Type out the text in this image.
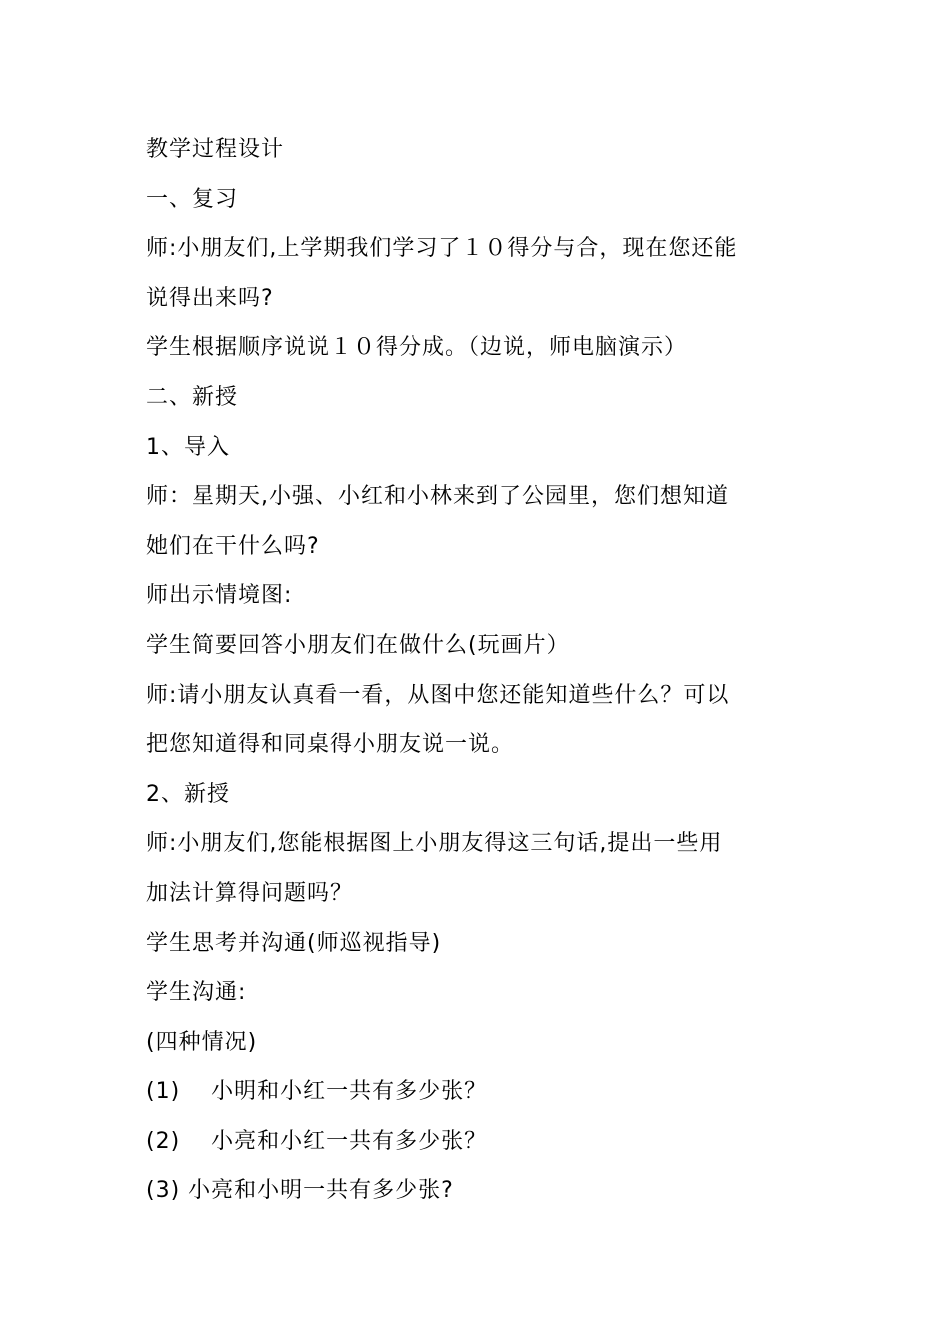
教学过程设计
一、复习
师:小朋友们,上学期我们学习了１０得分与合，现在您还能
说得出来吗?
学生根据顺序说说１０得分成。（边说，师电脑演示）
二、新授
1、导入
师：星期天,小强、小红和小林来到了公园里，您们想知道
她们在干什么吗?
师出示情境图:
学生简要回答小朋友们在做什么(玩画片）
师:请小朋友认真看一看，从图中您还能知道些什么？可以
把您知道得和同桌得小朋友说一说。
2、新授
师:小朋友们,您能根据图上小朋友得这三句话,提出一些用
加法计算得问题吗？
学生思考并沟通(师巡视指导)
学生沟通:
(四种情况)
(1)　 小明和小红一共有多少张？
(2)　 小亮和小红一共有多少张？
(3) 小亮和小明一共有多少张?
